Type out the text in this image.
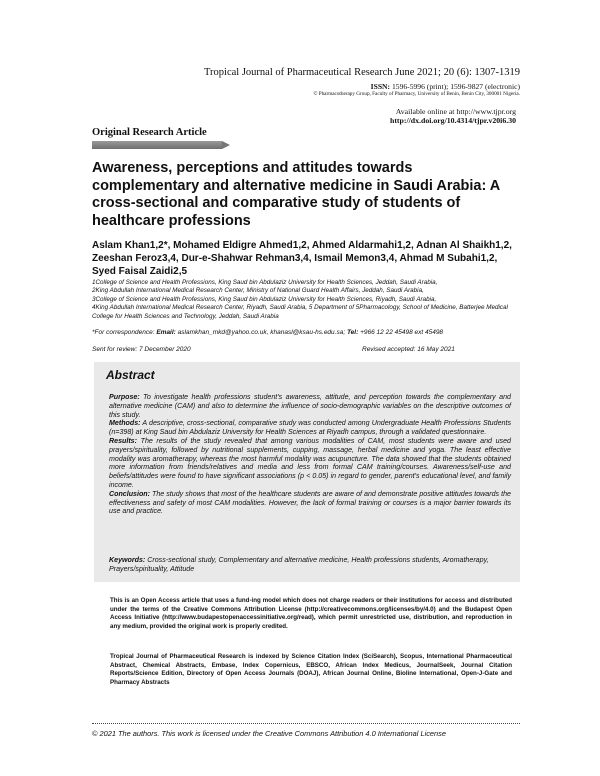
Tropical Journal of Pharmaceutical Research June 2021; 20 (6): 1307-1319
ISSN: 1596-5996 (print); 1596-9827 (electronic)
© Pharmacotherapy Group, Faculty of Pharmacy, University of Benin, Benin City, 300001 Nigeria.
Available online at http://www.tjpr.org
http://dx.doi.org/10.4314/tjpr.v20i6.30
Original Research Article
Awareness, perceptions and attitudes towards complementary and alternative medicine in Saudi Arabia: A cross-sectional and comparative study of students of healthcare professions
Aslam Khan1,2*, Mohamed Eldigre Ahmed1,2, Ahmed Aldarmahi1,2, Adnan Al Shaikh1,2, Zeeshan Feroz3,4, Dur-e-Shahwar Rehman3,4, Ismail Memon3,4, Ahmad M Subahi1,2, Syed Faisal Zaidi2,5
1College of Science and Health Professions, King Saud bin Abdulaziz University for Health Sciences, Jeddah, Saudi Arabia,
2King Abdullah International Medical Research Center, Ministry of National Guard Health Affairs, Jeddah, Saudi Arabia,
3College of Science and Health Professions, King Saud bin Abdulaziz University for Health Sciences, Riyadh, Saudi Arabia,
4King Abdullah International Medical Research Center, Riyadh, Saudi Arabia, 5 Department of 5Pharmacology, School of Medicine, Batterjee Medical College for Health Sciences and Technology, Jeddah, Saudi Arabia
*For correspondence: Email: aslamkhan_mkd@yahoo.co.uk, khanasl@ksau-hs.edu.sa; Tel: +966 12 22 45498 ext 45498
Sent for review: 7 December 2020	Revised accepted: 16 May 2021
Abstract

Purpose: To investigate health professions student's awareness, attitude, and perception towards the complementary and alternative medicine (CAM) and also to determine the influence of socio-demographic variables on the descriptive outcomes of this study.

Methods: A descriptive, cross-sectional, comparative study was conducted among Undergraduate Health Professions Students (n=398) at King Saud bin Abdulaziz University for Health Sciences at Riyadh campus, through a validated questionnaire.

Results: The results of the study revealed that among various modalities of CAM, most students were aware and used prayers/spirituality, followed by nutritional supplements, cupping, massage, herbal medicine and yoga. The least effective modality was aromatherapy, whereas the most harmful modality was acupuncture. The data showed that the students obtained more information from friends/relatives and media and less from formal CAM training/courses. Awareness/self-use and beliefs/attitudes were found to have significant associations (p < 0.05) in regard to gender, parent's educational level, and family income.

Conclusion: The study shows that most of the healthcare students are aware of and demonstrate positive attitudes towards the effectiveness and safety of most CAM modalities. However, the lack of formal training or courses is a major barrier towards its use and practice.

Keywords: Cross-sectional study, Complementary and alternative medicine, Health professions students, Aromatherapy, Prayers/spirituality, Attitude
This is an Open Access article that uses a fund-ing model which does not charge readers or their institutions for access and distributed under the terms of the Creative Commons Attribution License (http://creativecommons.org/licenses/by/4.0) and the Budapest Open Access Initiative (http://www.budapestopenaccessinitiative.org/read), which permit unrestricted use, distribution, and reproduction in any medium, provided the original work is properly credited.
Tropical Journal of Pharmaceutical Research is indexed by Science Citation Index (SciSearch), Scopus, International Pharmaceutical Abstract, Chemical Abstracts, Embase, Index Copernicus, EBSCO, African Index Medicus, JournalSeek, Journal Citation Reports/Science Edition, Directory of Open Access Journals (DOAJ), African Journal Online, Bioline International, Open-J-Gate and Pharmacy Abstracts
© 2021 The authors. This work is licensed under the Creative Commons Attribution 4.0 International License
